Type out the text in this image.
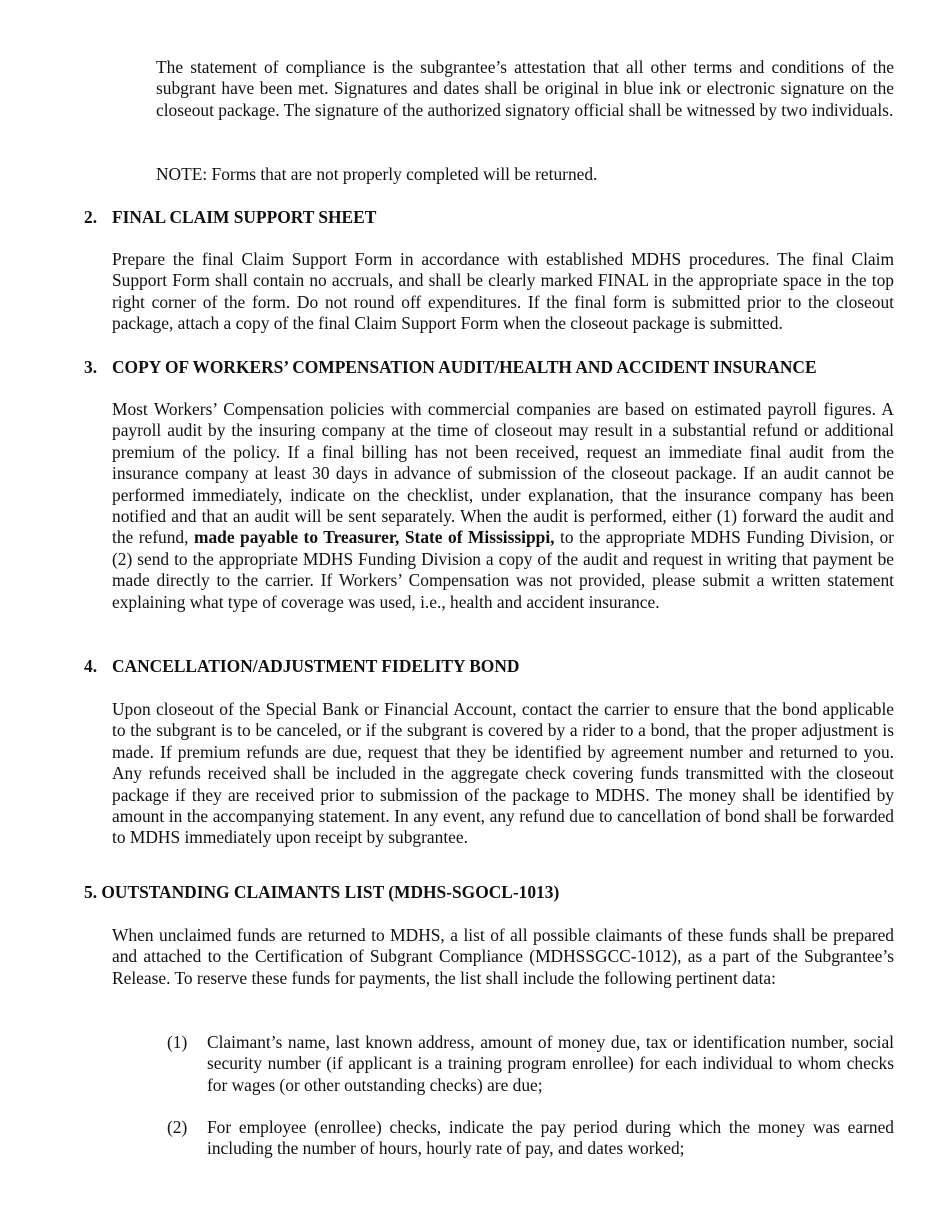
The statement of compliance is the subgrantee’s attestation that all other terms and conditions of the subgrant have been met. Signatures and dates shall be original in blue ink or electronic signature on the closeout package. The signature of the authorized signatory official shall be witnessed by two individuals.

NOTE: Forms that are not properly completed will be returned.

2. FINAL CLAIM SUPPORT SHEET

Prepare the final Claim Support Form in accordance with established MDHS procedures. The final Claim Support Form shall contain no accruals, and shall be clearly marked FINAL in the appropriate space in the top right corner of the form. Do not round off expenditures. If the final form is submitted prior to the closeout package, attach a copy of the final Claim Support Form when the closeout package is submitted.

3. COPY OF WORKERS’ COMPENSATION AUDIT/HEALTH AND ACCIDENT INSURANCE

Most Workers’ Compensation policies with commercial companies are based on estimated payroll figures. A payroll audit by the insuring company at the time of closeout may result in a substantial refund or additional premium of the policy. If a final billing has not been received, request an immediate final audit from the insurance company at least 30 days in advance of submission of the closeout package. If an audit cannot be performed immediately, indicate on the checklist, under explanation, that the insurance company has been notified and that an audit will be sent separately. When the audit is performed, either (1) forward the audit and the refund, made payable to Treasurer, State of Mississippi, to the appropriate MDHS Funding Division, or (2) send to the appropriate MDHS Funding Division a copy of the audit and request in writing that payment be made directly to the carrier. If Workers’ Compensation was not provided, please submit a written statement explaining what type of coverage was used, i.e., health and accident insurance.

4. CANCELLATION/ADJUSTMENT FIDELITY BOND

Upon closeout of the Special Bank or Financial Account, contact the carrier to ensure that the bond applicable to the subgrant is to be canceled, or if the subgrant is covered by a rider to a bond, that the proper adjustment is made. If premium refunds are due, request that they be identified by agreement number and returned to you. Any refunds received shall be included in the aggregate check covering funds transmitted with the closeout package if they are received prior to submission of the package to MDHS. The money shall be identified by amount in the accompanying statement. In any event, any refund due to cancellation of bond shall be forwarded to MDHS immediately upon receipt by subgrantee.

5. OUTSTANDING CLAIMANTS LIST (MDHS-SGOCL-1013)

When unclaimed funds are returned to MDHS, a list of all possible claimants of these funds shall be prepared and attached to the Certification of Subgrant Compliance (MDHSSGCC-1012), as a part of the Subgrantee’s Release. To reserve these funds for payments, the list shall include the following pertinent data:

(1) Claimant’s name, last known address, amount of money due, tax or identification number, social security number (if applicant is a training program enrollee) for each individual to whom checks for wages (or other outstanding checks) are due;

(2) For employee (enrollee) checks, indicate the pay period during which the money was earned including the number of hours, hourly rate of pay, and dates worked;
